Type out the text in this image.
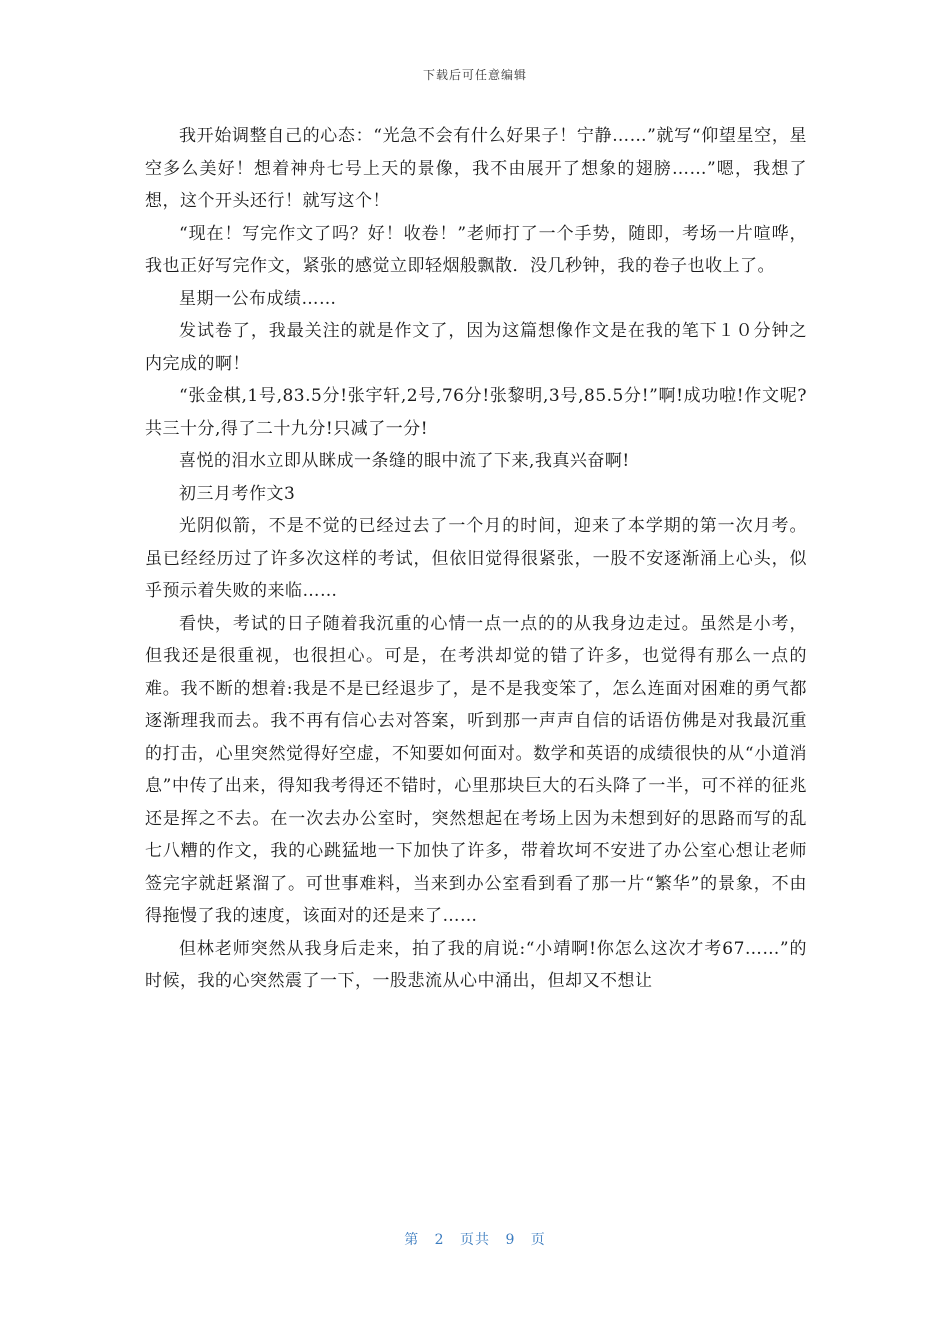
下载后可任意编辑

我开始调整自己的心态：“光急不会有什么好果子！宁静……”就写“仰望星空，星空多么美好！想着神舟七号上天的景像，我不由展开了想象的翅膀……”嗯，我想了想，这个开头还行！就写这个！

“现在！写完作文了吗？好！收卷！”老师打了一个手势，随即，考场一片喧哗，我也正好写完作文，紧张的感觉立即轻烟般飘散．没几秒钟，我的卷子也收上了。

星期一公布成绩……

发试卷了，我最关注的就是作文了，因为这篇想像作文是在我的笔下１０分钟之内完成的啊！

“张金棋,1号,83.5分!张宇轩,2号,76分!张黎明,3号,85.5分!”啊!成功啦!作文呢?共三十分,得了二十九分!只减了一分!

喜悦的泪水立即从眯成一条缝的眼中流了下来,我真兴奋啊!

初三月考作文3

光阴似箭，不是不觉的已经过去了一个月的时间，迎来了本学期的第一次月考。虽已经经历过了许多次这样的考试，但依旧觉得很紧张，一股不安逐渐涌上心头，似乎预示着失败的来临……

看快，考试的日子随着我沉重的心情一点一点的的从我身边走过。虽然是小考，但我还是很重视，也很担心。可是，在考洪却觉的错了许多，也觉得有那么一点的难。我不断的想着:我是不是已经退步了，是不是我变笨了，怎么连面对困难的勇气都逐渐理我而去。我不再有信心去对答案，听到那一声声自信的话语仿佛是对我最沉重的打击，心里突然觉得好空虚，不知要如何面对。数学和英语的成绩很快的从“小道消息”中传了出来，得知我考得还不错时，心里那块巨大的石头降了一半，可不祥的征兆还是挥之不去。在一次去办公室时，突然想起在考场上因为未想到好的思路而写的乱七八糟的作文，我的心跳猛地一下加快了许多，带着坎坷不安进了办公室心想让老师签完字就赶紧溜了。可世事难料，当来到办公室看到看了那一片“繁华”的景象，不由得拖慢了我的速度，该面对的还是来了……

但林老师突然从我身后走来，拍了我的肩说:“小靖啊!你怎么这次才考67……”的时候，我的心突然震了一下，一股悲流从心中涌出，但却又不想让

第 2 页共 9 页
